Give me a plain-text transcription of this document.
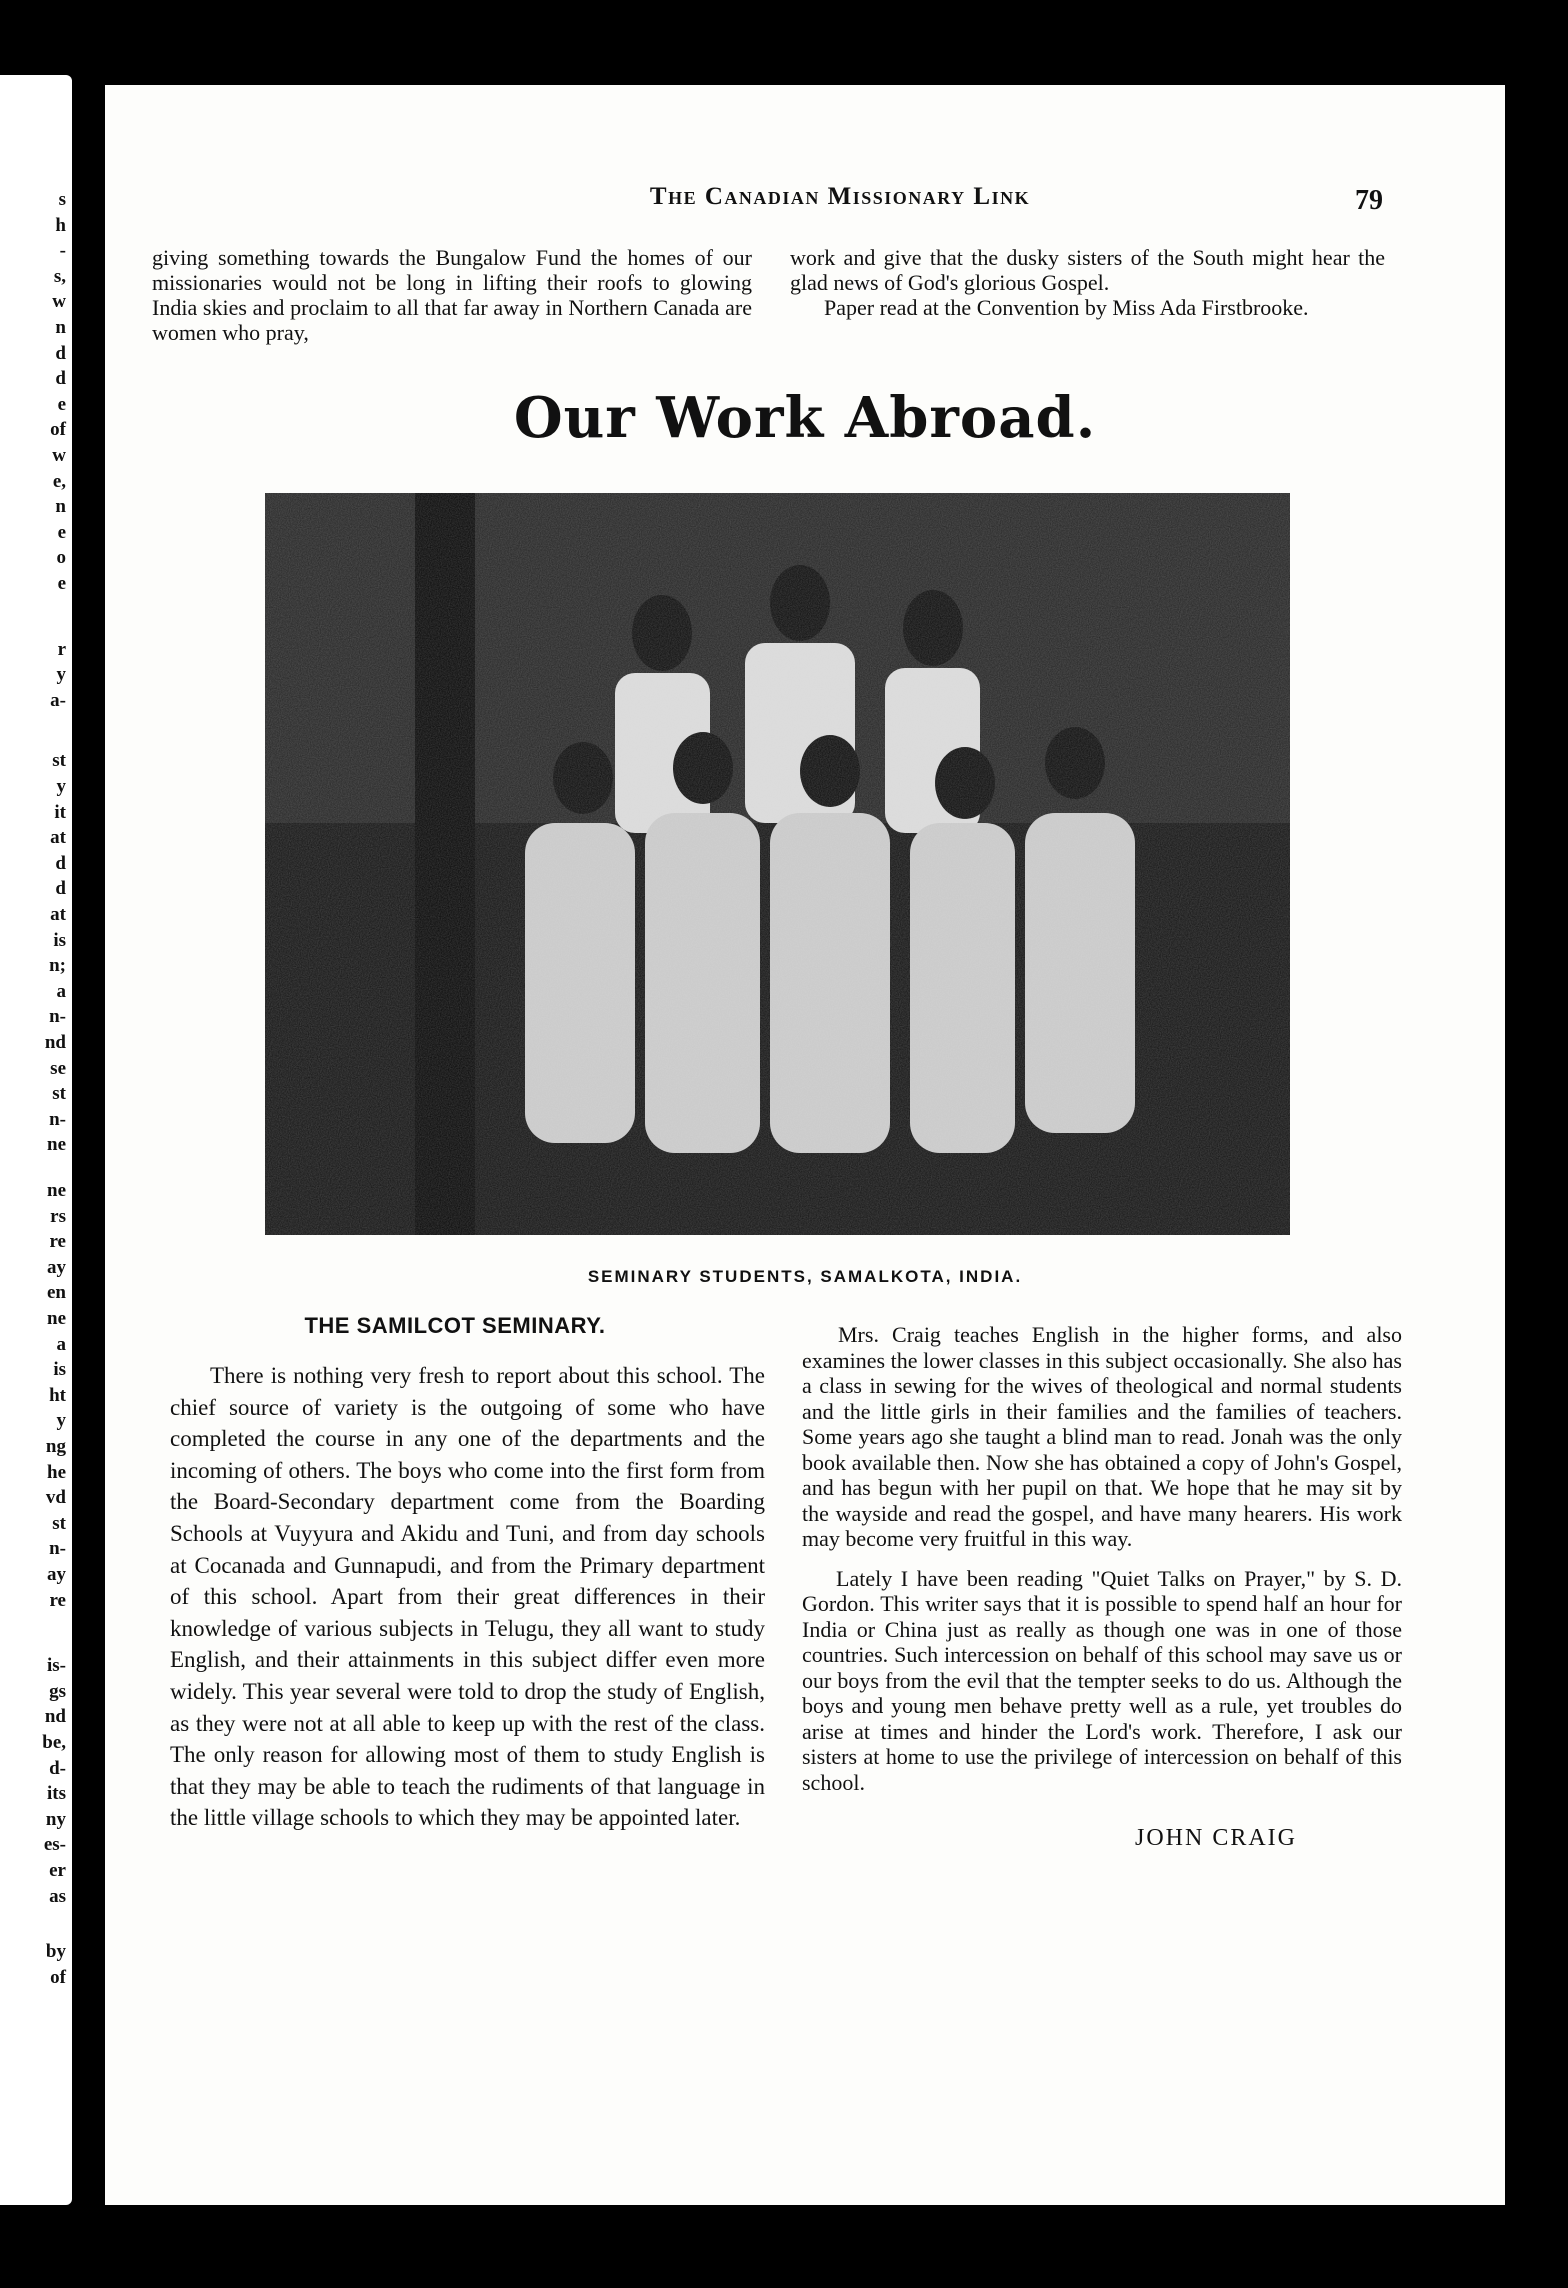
s
h
-
s,
w
n
d
d
e
of
w
e,
n
e
o
e
r
y
a-
st
y
it
at
d
d
at
is
n;
a
n-
nd
se
st
n-
ne
ne
rs
re
ay
en
ne
a
is
ht
y
ng
he
vd
st
n-
ay
re
is-
gs
nd
be,
d-
its
ny
es-
er
as
by
of
The Canadian Missionary Link	79

giving something towards the Bungalow Fund the homes of our missionaries would not be long in lifting their roofs to glowing India skies and proclaim to all that far away in Northern Canada are women who pray,

work and give that the dusky sisters of the South might hear the glad news of God's glorious Gospel.

Paper read at the Convention by Miss Ada Firstbrooke.

Our Work Abroad.
SEMINARY STUDENTS, SAMALKOTA, INDIA.
THE SAMILCOT SEMINARY.

There is nothing very fresh to report about this school. The chief source of variety is the outgoing of some who have completed the course in any one of the departments and the incoming of others. The boys who come into the first form from the Board-Secondary department come from the Boarding Schools at Vuyyura and Akidu and Tuni, and from day schools at Cocanada and Gunnapudi, and from the Primary department of this school. Apart from their great differences in their knowledge of various subjects in Telugu, they all want to study English, and their attainments in this subject differ even more widely. This year several were told to drop the study of English, as they were not at all able to keep up with the rest of the class. The only reason for allowing most of them to study English is that they may be able to teach the rudiments of that language in the little village schools to which they may be appointed later.

Mrs. Craig teaches English in the higher forms, and also examines the lower classes in this subject occasionally. She also has a class in sewing for the wives of theological and normal students and the little girls in their families and the families of teachers. Some years ago she taught a blind man to read. Jonah was the only book available then. Now she has obtained a copy of John's Gospel, and has begun with her pupil on that. We hope that he may sit by the wayside and read the gospel, and have many hearers. His work may become very fruitful in this way.

Lately I have been reading "Quiet Talks on Prayer," by S. D. Gordon. This writer says that it is possible to spend half an hour for India or China just as really as though one was in one of those countries. Such intercession on behalf of this school may save us or our boys from the evil that the tempter seeks to do us. Although the boys and young men behave pretty well as a rule, yet troubles do arise at times and hinder the Lord's work. Therefore, I ask our sisters at home to use the privilege of intercession on behalf of this school.

JOHN CRAIG
